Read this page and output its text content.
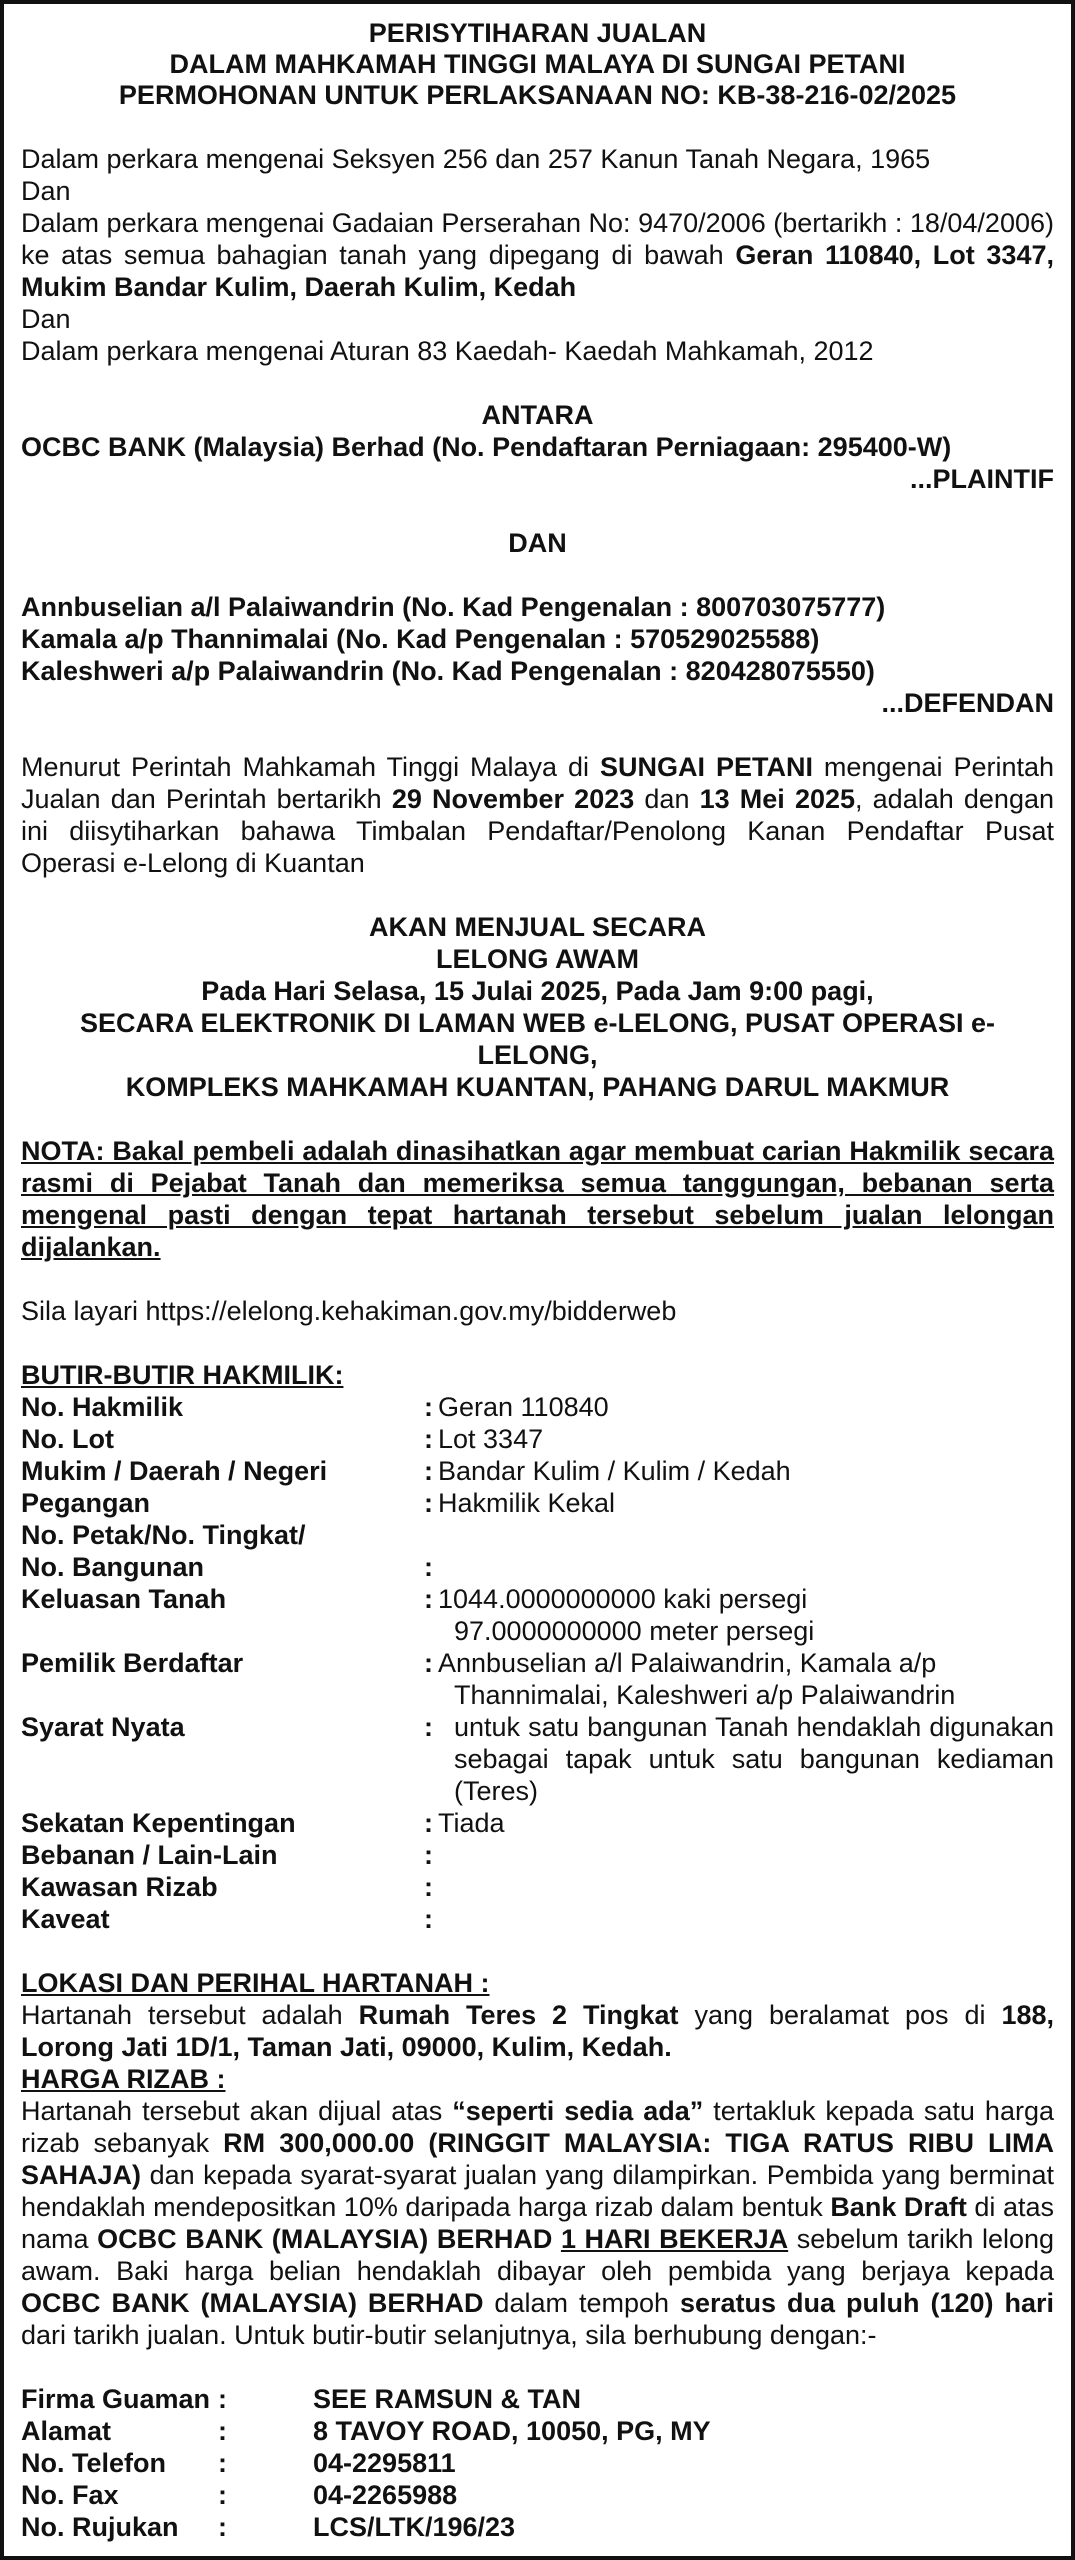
PERISYTIHARAN JUALAN
DALAM MAHKAMAH TINGGI MALAYA DI SUNGAI PETANI
PERMOHONAN UNTUK PERLAKSANAAN NO: KB-38-216-02/2025

Dalam perkara mengenai Seksyen 256 dan 257 Kanun Tanah Negara, 1965

Dan

Dalam perkara mengenai Gadaian Perserahan No: 9470/2006 (bertarikh : 18/04/2006) ke atas semua bahagian tanah yang dipegang di bawah Geran 110840, Lot 3347, Mukim Bandar Kulim, Daerah Kulim, Kedah

Dan

Dalam perkara mengenai Aturan 83 Kaedah- Kaedah Mahkamah, 2012

ANTARA

OCBC BANK (Malaysia) Berhad (No. Pendaftaran Perniagaan: 295400-W)

...PLAINTIF

DAN

Annbuselian a/l Palaiwandrin (No. Kad Pengenalan : 800703075777)

Kamala a/p Thannimalai (No. Kad Pengenalan : 570529025588)

Kaleshweri a/p Palaiwandrin (No. Kad Pengenalan : 820428075550)

...DEFENDAN

Menurut Perintah Mahkamah Tinggi Malaya di SUNGAI PETANI mengenai Perintah Jualan dan Perintah bertarikh 29 November 2023 dan 13 Mei 2025, adalah dengan ini diisytiharkan bahawa Timbalan Pendaftar/Penolong Kanan Pendaftar Pusat Operasi e-Lelong di Kuantan

AKAN MENJUAL SECARA

LELONG AWAM

Pada Hari Selasa, 15 Julai 2025, Pada Jam 9:00 pagi,

SECARA ELEKTRONIK DI LAMAN WEB e-LELONG, PUSAT OPERASI e-LELONG,

KOMPLEKS MAHKAMAH KUANTAN, PAHANG DARUL MAKMUR

NOTA: Bakal pembeli adalah dinasihatkan agar membuat carian Hakmilik secara rasmi di Pejabat Tanah dan memeriksa semua tanggungan, bebanan serta mengenal pasti dengan tepat hartanah tersebut sebelum jualan lelongan dijalankan.

Sila layari https://elelong.kehakiman.gov.my/bidderweb

BUTIR-BUTIR HAKMILIK:

No. Hakmilik	: Geran 110840
No. Lot	: Lot 3347
Mukim / Daerah / Negeri	: Bandar Kulim / Kulim / Kedah
Pegangan	: Hakmilik Kekal
No. Petak/No. Tingkat/
No. Bangunan	:
Keluasan Tanah	: 1044.0000000000 kaki persegi
97.0000000000 meter persegi
Pemilik Berdaftar	: Annbuselian a/l Palaiwandrin, Kamala a/p
Thannimalai, Kaleshweri a/p Palaiwandrin
Syarat Nyata	: untuk satu bangunan Tanah hendaklah digunakan sebagai tapak untuk satu bangunan kediaman (Teres)
Sekatan Kepentingan	: Tiada
Bebanan / Lain-Lain	:
Kawasan Rizab	:
Kaveat	:

LOKASI DAN PERIHAL HARTANAH :

Hartanah tersebut adalah Rumah Teres 2 Tingkat yang beralamat pos di 188, Lorong Jati 1D/1, Taman Jati, 09000, Kulim, Kedah.

HARGA RIZAB :

Hartanah tersebut akan dijual atas “seperti sedia ada” tertakluk kepada satu harga rizab sebanyak RM 300,000.00 (RINGGIT MALAYSIA: TIGA RATUS RIBU LIMA SAHAJA) dan kepada syarat-syarat jualan yang dilampirkan. Pembida yang berminat hendaklah mendepositkan 10% daripada harga rizab dalam bentuk Bank Draft di atas nama OCBC BANK (MALAYSIA) BERHAD 1 HARI BEKERJA sebelum tarikh lelong awam. Baki harga belian hendaklah dibayar oleh pembida yang berjaya kepada OCBC BANK (MALAYSIA) BERHAD dalam tempoh seratus dua puluh (120) hari dari tarikh jualan. Untuk butir-butir selanjutnya, sila berhubung dengan:-

Firma Guaman :	SEE RAMSUN & TAN
Alamat	:	8 TAVOY ROAD, 10050, PG, MY
No. Telefon	:	04-2295811
No. Fax	:	04-2265988
No. Rujukan	:	LCS/LTK/196/23
